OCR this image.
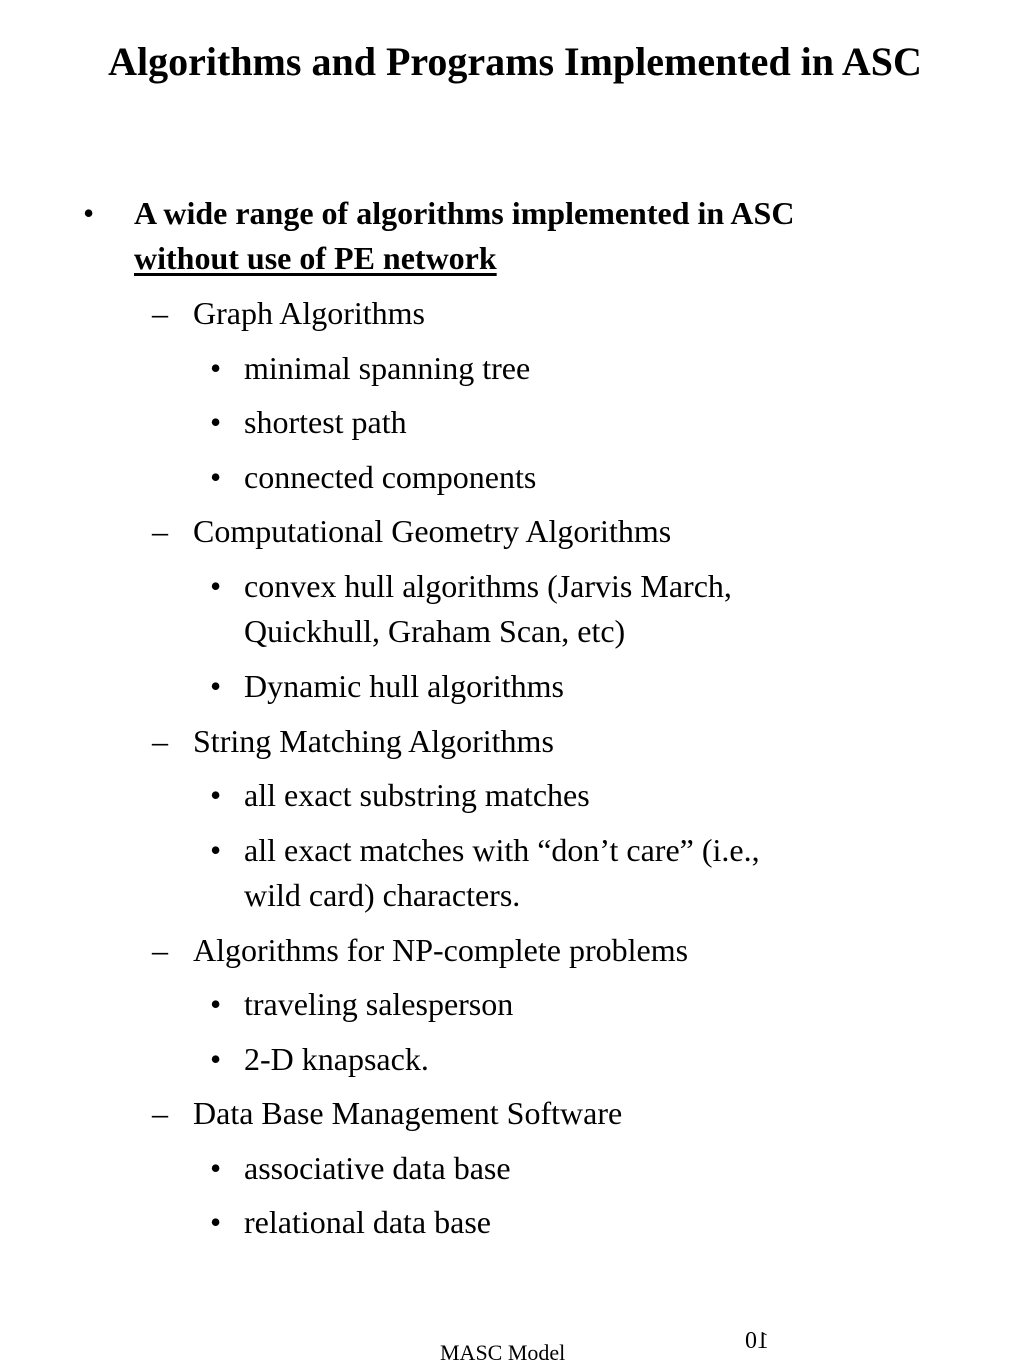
Algorithms and Programs Implemented in ASC
• A wide range of algorithms implemented in ASC
without use of PE network
– Graph Algorithms
• minimal spanning tree
• shortest path
• connected components
– Computational Geometry Algorithms
• convex hull algorithms (Jarvis March,
Quickhull, Graham Scan, etc)
• Dynamic hull algorithms
– String Matching Algorithms
• all exact substring matches
• all exact matches with “don’t care” (i.e.,
wild card) characters.
– Algorithms for NP-complete problems
• traveling salesperson
• 2-D knapsack.
– Data Base Management Software
• associative data base
• relational data base
MASC Model	10
